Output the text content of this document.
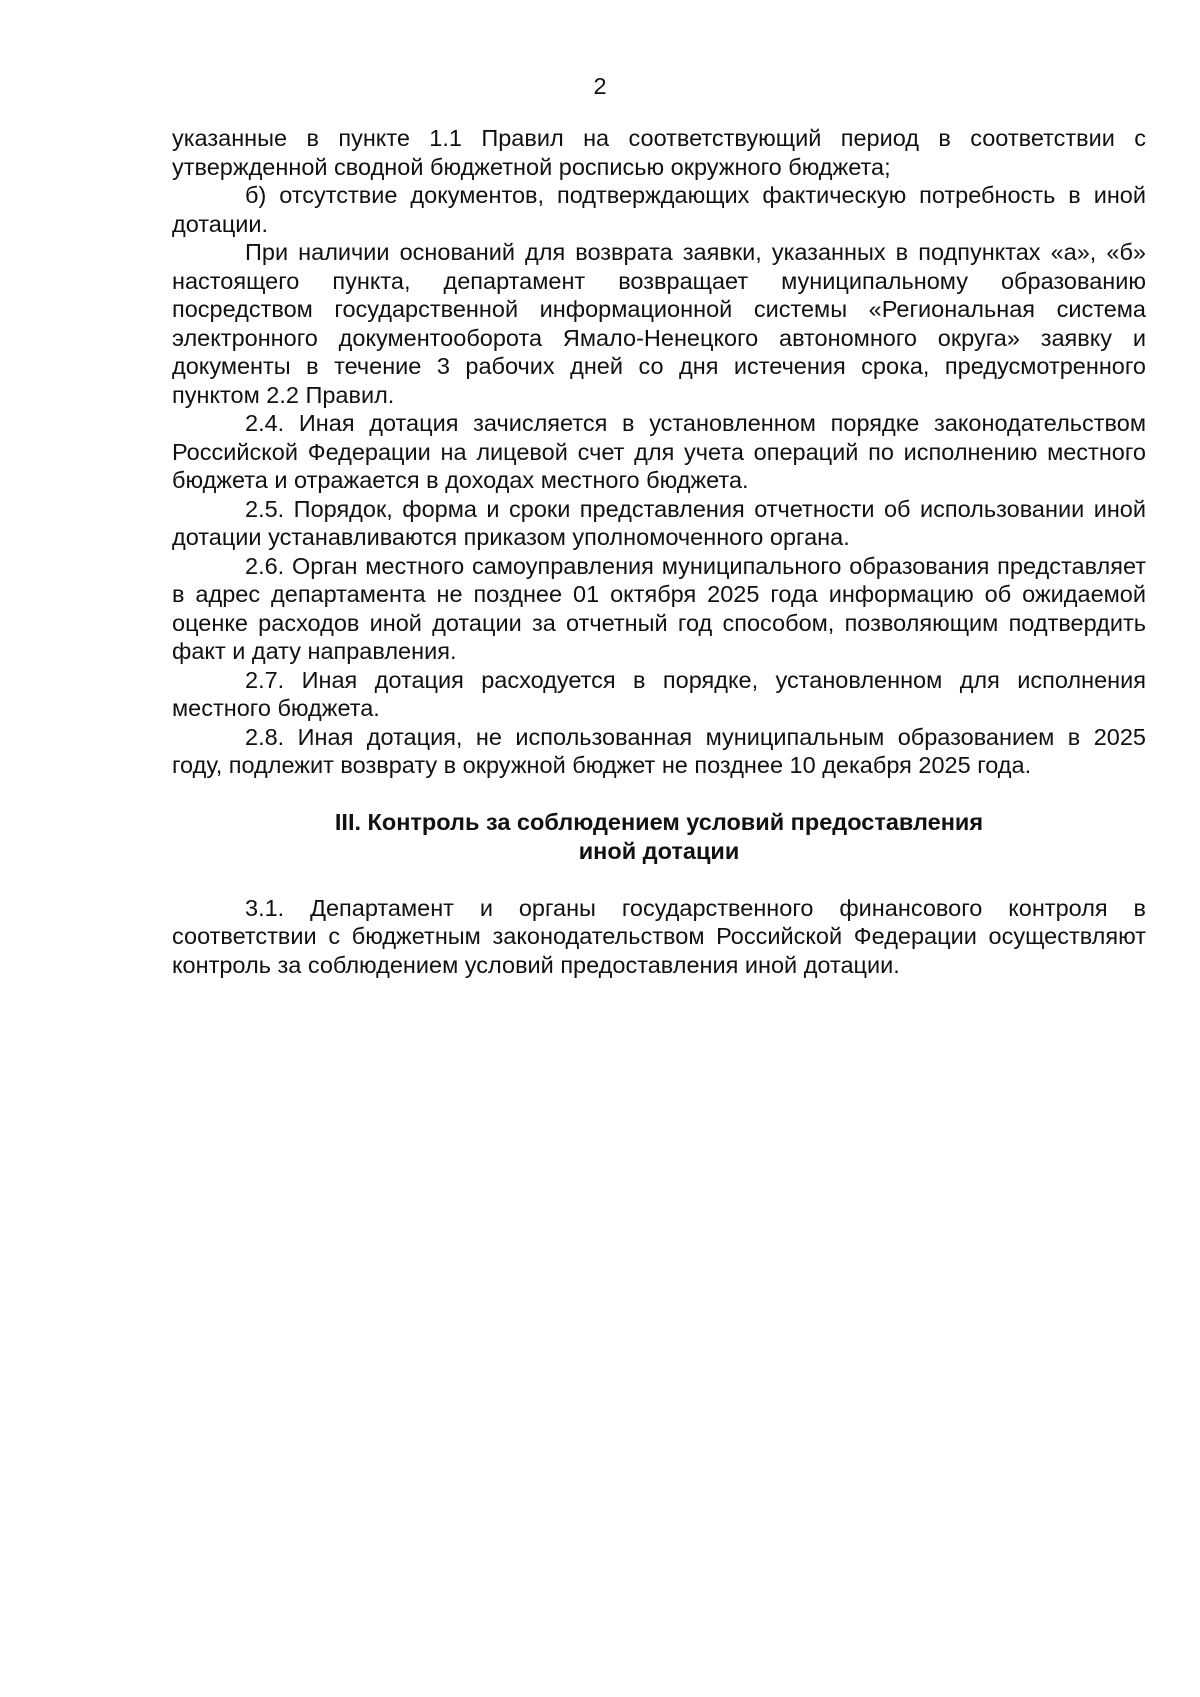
2

указанные в пункте 1.1 Правил на соответствующий период в соответствии с утвержденной сводной бюджетной росписью окружного бюджета;

б) отсутствие документов, подтверждающих фактическую потребность в иной дотации.

При наличии оснований для возврата заявки, указанных в подпунктах «а», «б» настоящего пункта, департамент возвращает муниципальному образованию посредством государственной информационной системы «Региональная система электронного документооборота Ямало-Ненецкого автономного округа» заявку и документы в течение 3 рабочих дней со дня истечения срока, предусмотренного пунктом 2.2 Правил.

2.4. Иная дотация зачисляется в установленном порядке законодательством Российской Федерации на лицевой счет для учета операций по исполнению местного бюджета и отражается в доходах местного бюджета.

2.5. Порядок, форма и сроки представления отчетности об использовании иной дотации устанавливаются приказом уполномоченного органа.

2.6. Орган местного самоуправления муниципального образования представляет в адрес департамента не позднее 01 октября 2025 года информацию об ожидаемой оценке расходов иной дотации за отчетный год способом, позволяющим подтвердить факт и дату направления.

2.7. Иная дотация расходуется в порядке, установленном для исполнения местного бюджета.

2.8. Иная дотация, не использованная муниципальным образованием в 2025 году, подлежит возврату в окружной бюджет не позднее 10 декабря 2025 года.

III. Контроль за соблюдением условий предоставления
иной дотации

3.1. Департамент и органы государственного финансового контроля в соответствии с бюджетным законодательством Российской Федерации осуществляют контроль за соблюдением условий предоставления иной дотации.
